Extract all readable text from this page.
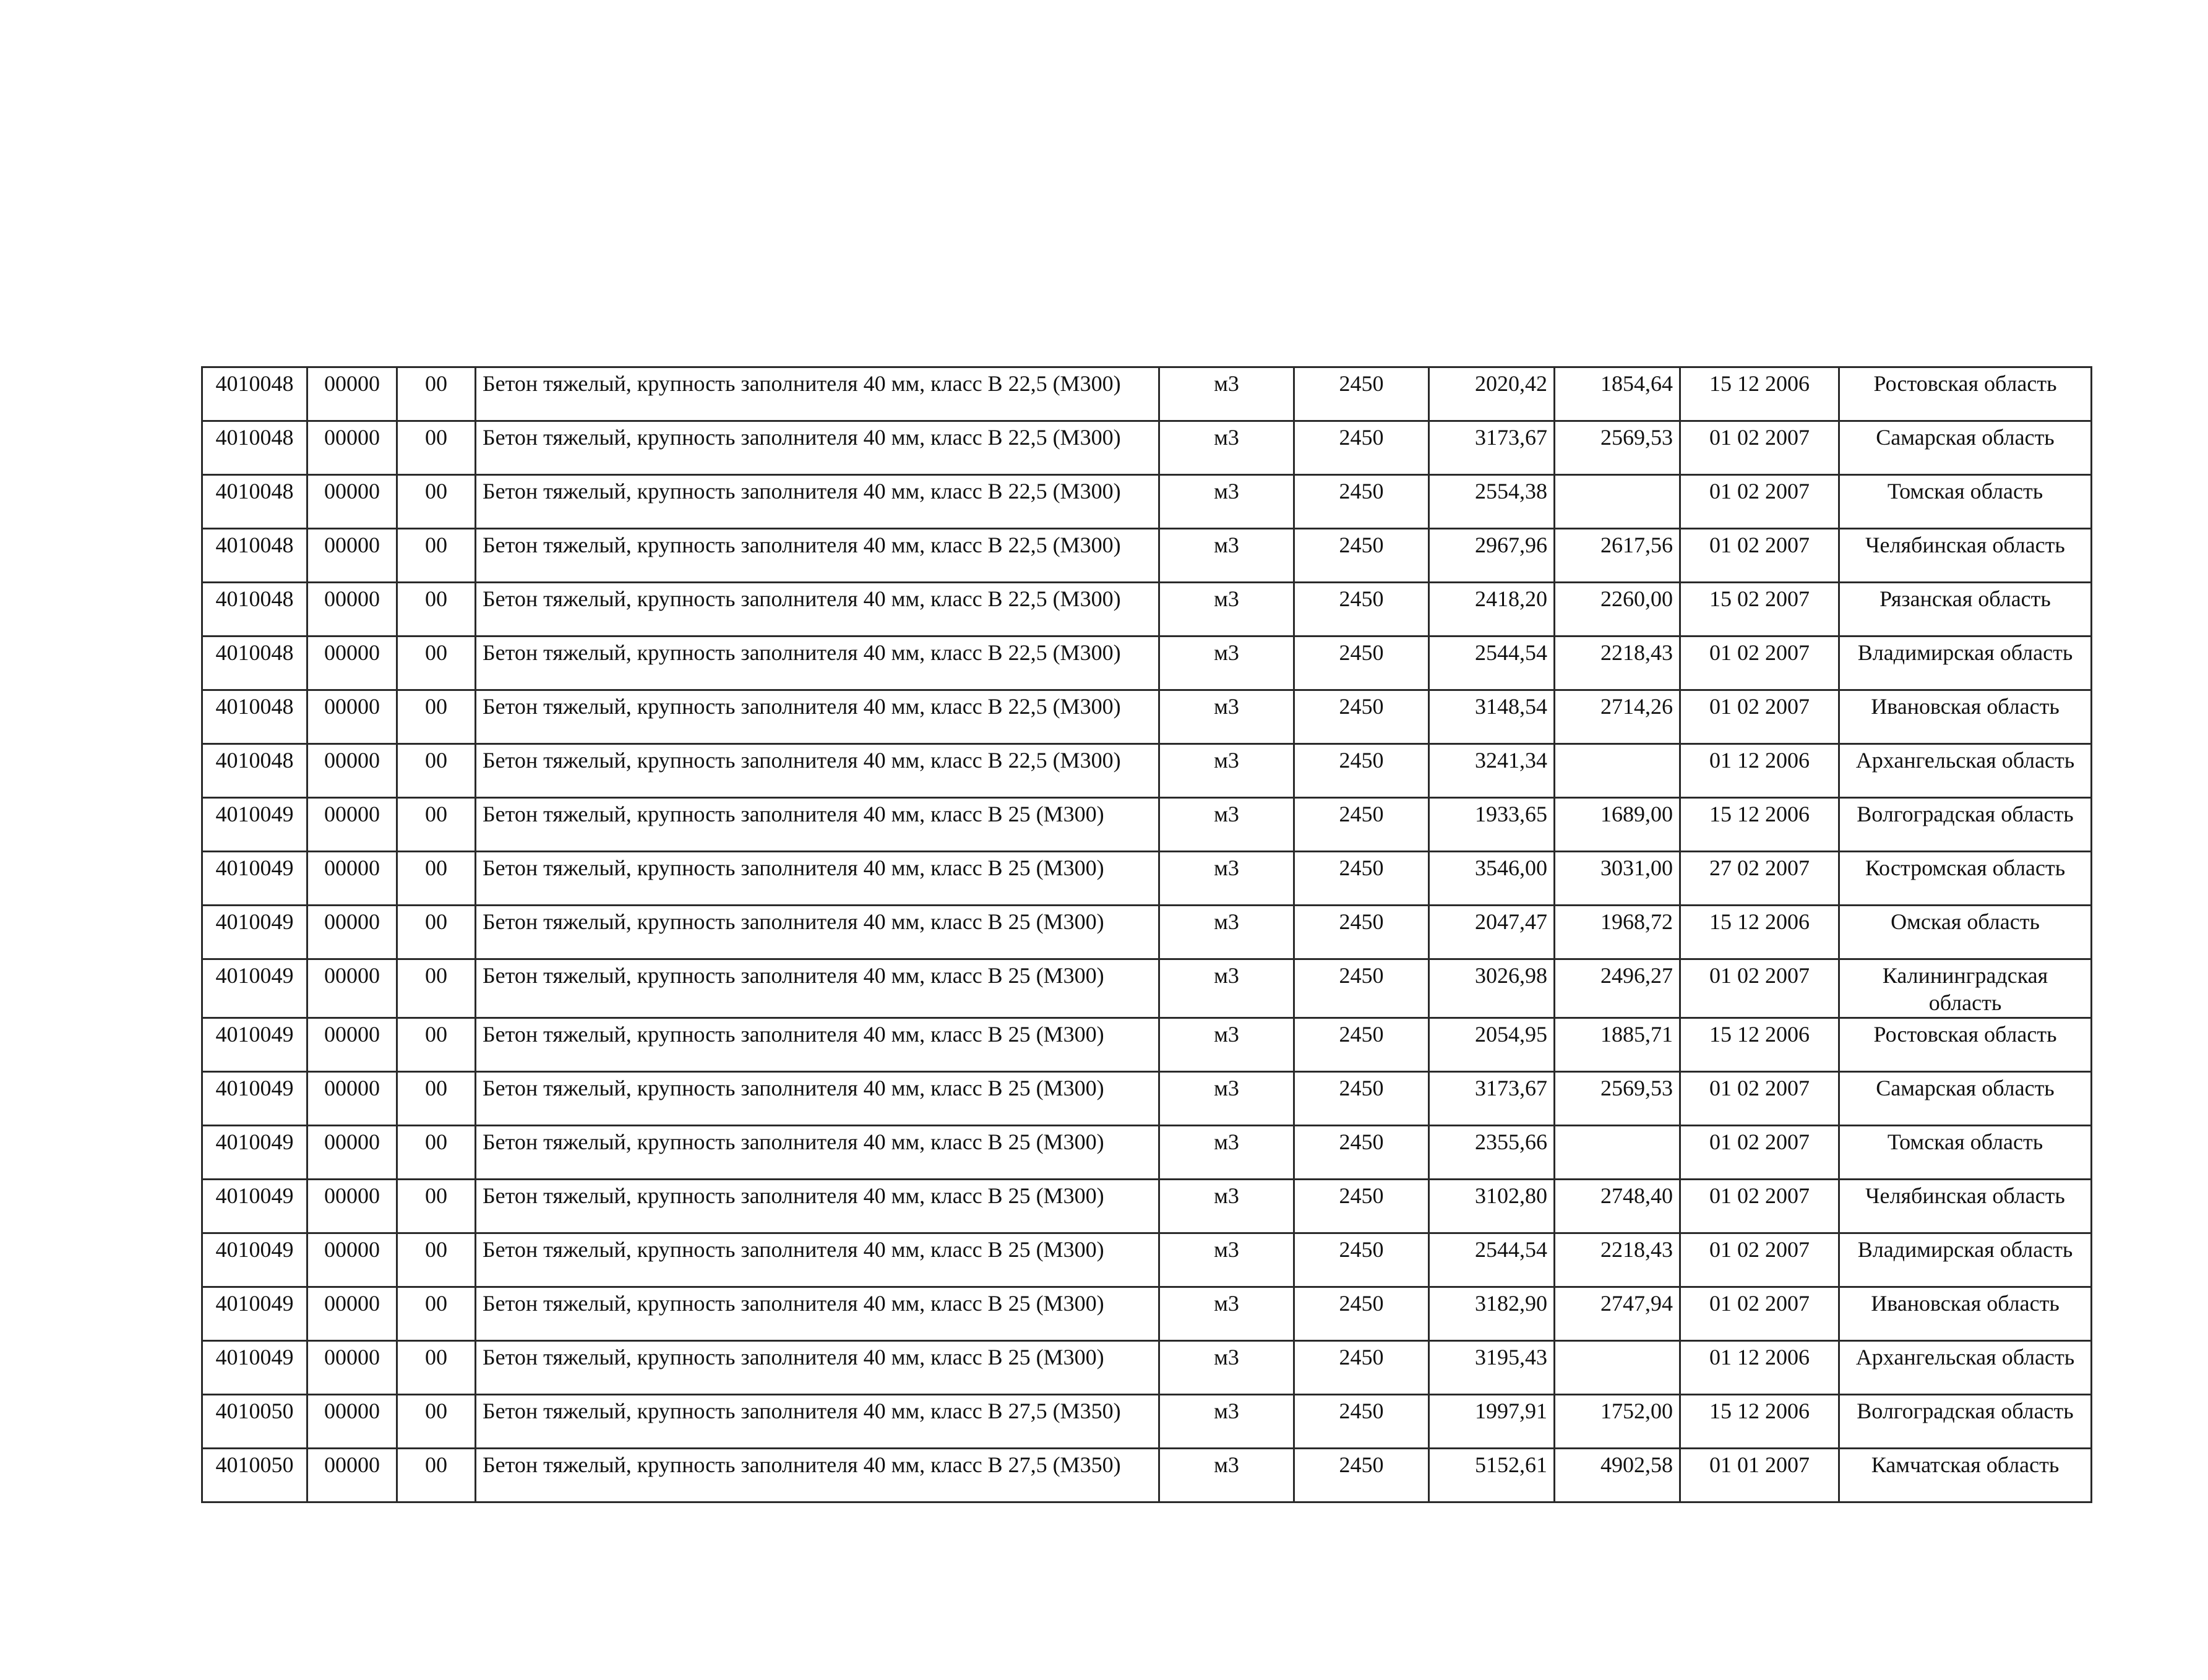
4010048	00000	00	Бетон тяжелый, крупность заполнителя 40 мм, класс В 22,5 (М300)	м3	2450	2020,42	1854,64	15 12 2006	Ростовская область
4010048	00000	00	Бетон тяжелый, крупность заполнителя 40 мм, класс В 22,5 (М300)	м3	2450	3173,67	2569,53	01 02 2007	Самарская область
4010048	00000	00	Бетон тяжелый, крупность заполнителя 40 мм, класс В 22,5 (М300)	м3	2450	2554,38		01 02 2007	Томская область
4010048	00000	00	Бетон тяжелый, крупность заполнителя 40 мм, класс В 22,5 (М300)	м3	2450	2967,96	2617,56	01 02 2007	Челябинская область
4010048	00000	00	Бетон тяжелый, крупность заполнителя 40 мм, класс В 22,5 (М300)	м3	2450	2418,20	2260,00	15 02 2007	Рязанская область
4010048	00000	00	Бетон тяжелый, крупность заполнителя 40 мм, класс В 22,5 (М300)	м3	2450	2544,54	2218,43	01 02 2007	Владимирская область
4010048	00000	00	Бетон тяжелый, крупность заполнителя 40 мм, класс В 22,5 (М300)	м3	2450	3148,54	2714,26	01 02 2007	Ивановская область
4010048	00000	00	Бетон тяжелый, крупность заполнителя 40 мм, класс В 22,5 (М300)	м3	2450	3241,34		01 12 2006	Архангельская область
4010049	00000	00	Бетон тяжелый, крупность заполнителя 40 мм, класс В 25 (М300)	м3	2450	1933,65	1689,00	15 12 2006	Волгоградская область
4010049	00000	00	Бетон тяжелый, крупность заполнителя 40 мм, класс В 25 (М300)	м3	2450	3546,00	3031,00	27 02 2007	Костромская область
4010049	00000	00	Бетон тяжелый, крупность заполнителя 40 мм, класс В 25 (М300)	м3	2450	2047,47	1968,72	15 12 2006	Омская область
4010049	00000	00	Бетон тяжелый, крупность заполнителя 40 мм, класс В 25 (М300)	м3	2450	3026,98	2496,27	01 02 2007	Калининградская область
4010049	00000	00	Бетон тяжелый, крупность заполнителя 40 мм, класс В 25 (М300)	м3	2450	2054,95	1885,71	15 12 2006	Ростовская область
4010049	00000	00	Бетон тяжелый, крупность заполнителя 40 мм, класс В 25 (М300)	м3	2450	3173,67	2569,53	01 02 2007	Самарская область
4010049	00000	00	Бетон тяжелый, крупность заполнителя 40 мм, класс В 25 (М300)	м3	2450	2355,66		01 02 2007	Томская область
4010049	00000	00	Бетон тяжелый, крупность заполнителя 40 мм, класс В 25 (М300)	м3	2450	3102,80	2748,40	01 02 2007	Челябинская область
4010049	00000	00	Бетон тяжелый, крупность заполнителя 40 мм, класс В 25 (М300)	м3	2450	2544,54	2218,43	01 02 2007	Владимирская область
4010049	00000	00	Бетон тяжелый, крупность заполнителя 40 мм, класс В 25 (М300)	м3	2450	3182,90	2747,94	01 02 2007	Ивановская область
4010049	00000	00	Бетон тяжелый, крупность заполнителя 40 мм, класс В 25 (М300)	м3	2450	3195,43		01 12 2006	Архангельская область
4010050	00000	00	Бетон тяжелый, крупность заполнителя 40 мм, класс В 27,5 (М350)	м3	2450	1997,91	1752,00	15 12 2006	Волгоградская область
4010050	00000	00	Бетон тяжелый, крупность заполнителя 40 мм, класс В 27,5 (М350)	м3	2450	5152,61	4902,58	01 01 2007	Камчатская область
